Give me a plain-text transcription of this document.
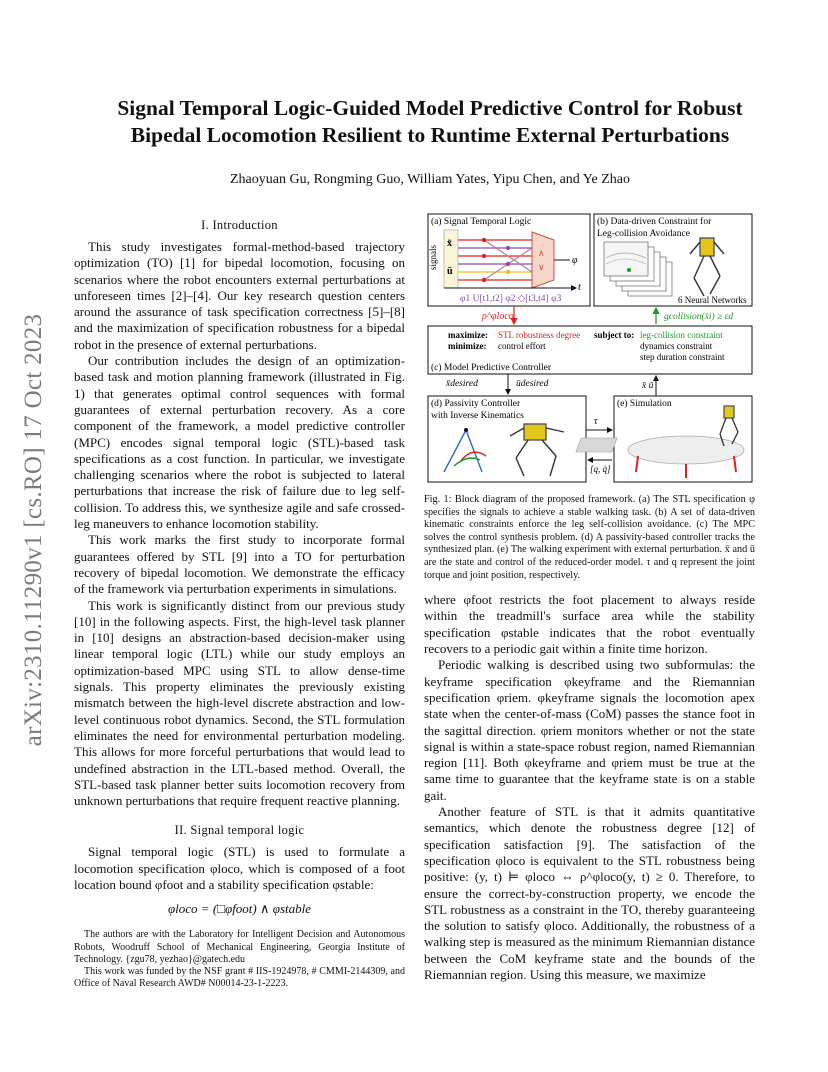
arXiv:2310.11290v1 [cs.RO] 17 Oct 2023
Signal Temporal Logic-Guided Model Predictive Control for Robust
Bipedal Locomotion Resilient to Runtime External Perturbations
Zhaoyuan Gu, Rongming Guo, William Yates, Yipu Chen, and Ye Zhao
I. Introduction

This study investigates formal-method-based trajectory optimization (TO) [1] for bipedal locomotion, focusing on scenarios where the robot encounters external perturbations at unforeseen times [2]–[4]. Our key research question centers around the assurance of task specification correctness [5]–[8] and the maximization of specification robustness for a bipedal robot in the presence of external perturbations.

Our contribution includes the design of an optimization-based task and motion planning framework (illustrated in Fig. 1) that generates optimal control sequences with formal guarantees of external perturbation recovery. As a core component of the framework, a model predictive controller (MPC) encodes signal temporal logic (STL)-based task specifications as a cost function. In particular, we investigate challenging scenarios where the robot is subjected to lateral perturbations that increase the risk of failure due to leg self-collision. To address this, we synthesize agile and safe crossed-leg maneuvers to enhance locomotion stability.

This work marks the first study to incorporate formal guarantees offered by STL [9] into a TO for perturbation recovery of bipedal locomotion. We demonstrate the efficacy of the framework via perturbation experiments in simulations.

This work is significantly distinct from our previous study [10] in the following aspects. First, the high-level task planner in [10] designs an abstraction-based decision-maker using linear temporal logic (LTL) while our study employs an optimization-based MPC using STL to allow dense-time signals. This property eliminates the previously existing mismatch between the high-level discrete abstraction and low-level continuous robot dynamics. Second, the STL formulation eliminates the need for environmental perturbation modeling. This allows for more forceful perturbations that would lead to undefined abstraction in the LTL-based method. Overall, the STL-based task planner better suits locomotion recovery from unknown perturbations that require frequent reactive planning.

II. Signal temporal logic

Signal temporal logic (STL) is used to formulate a locomotion specification φloco, which is composed of a foot location bound φfoot and a stability specification φstable:

φloco = (□φfoot) ∧ φstable

The authors are with the Laboratory for Intelligent Decision and Autonomous Robots, Woodruff School of Mechanical Engineering, Georgia Institute of Technology. {zgu78, yezhao}@gatech.edu

This work was funded by the NSF grant # IIS-1924978, # CMMI-2144309, and Office of Naval Research AWD# N00014-23-1-2223.

(a) Signal Temporal Logic
signals
x̄
ū
∧
∨
φ
t
φ1 U[t1,t2] φ2 ◇[t3,t4] φ3
ρ^φloco
(b) Data-driven Constraint for
Leg-collision Avoidance
6 Neural Networks
gcollision(x̄i) ≥ εd
maximize: STL robustness degree
minimize: control effort
subject to: leg-collision constraint
dynamics constraint
step duration constraint
(c) Model Predictive Controller
x̄desired	ūdesired	x̄ ū
(d) Passivity Controller
with Inverse Kinematics	τ
[q, q̇]
(e) Simulation

Fig. 1: Block diagram of the proposed framework. (a) The STL specification φ specifies the signals to achieve a stable walking task. (b) A set of data-driven kinematic constraints enforce the leg self-collision avoidance. (c) The MPC solves the control synthesis problem. (d) A passivity-based controller tracks the synthesized plan. (e) The walking experiment with external perturbation. x̄ and ū are the state and control of the reduced-order model. τ and q represent the joint torque and joint position, respectively.

where φfoot restricts the foot placement to always reside within the treadmill's surface area while the stability specification φstable indicates that the robot eventually recovers to a periodic gait within a finite time horizon.

Periodic walking is described using two subformulas: the keyframe specification φkeyframe and the Riemannian specification φriem. φkeyframe signals the locomotion apex state when the center-of-mass (CoM) passes the stance foot in the sagittal direction. φriem monitors whether or not the state signal is within a state-space robust region, named Riemannian region [11]. Both φkeyframe and φriem must be true at the same time to guarantee that the keyframe state is on a stable gait.

Another feature of STL is that it admits quantitative semantics, which denote the robustness degree [12] of specification satisfaction [9]. The satisfaction of the specification φloco is equivalent to the STL robustness being positive: (y, t) ⊨ φloco ⇔ ρ^φloco(y, t) ≥ 0. Therefore, to ensure the correct-by-construction property, we encode the STL robustness as a constraint in the TO, thereby guaranteeing the solution to satisfy φloco. Additionally, the robustness of a walking step is measured as the minimum Riemannian distance between the CoM keyframe state and the bounds of the Riemannian region. Using this measure, we maximize
